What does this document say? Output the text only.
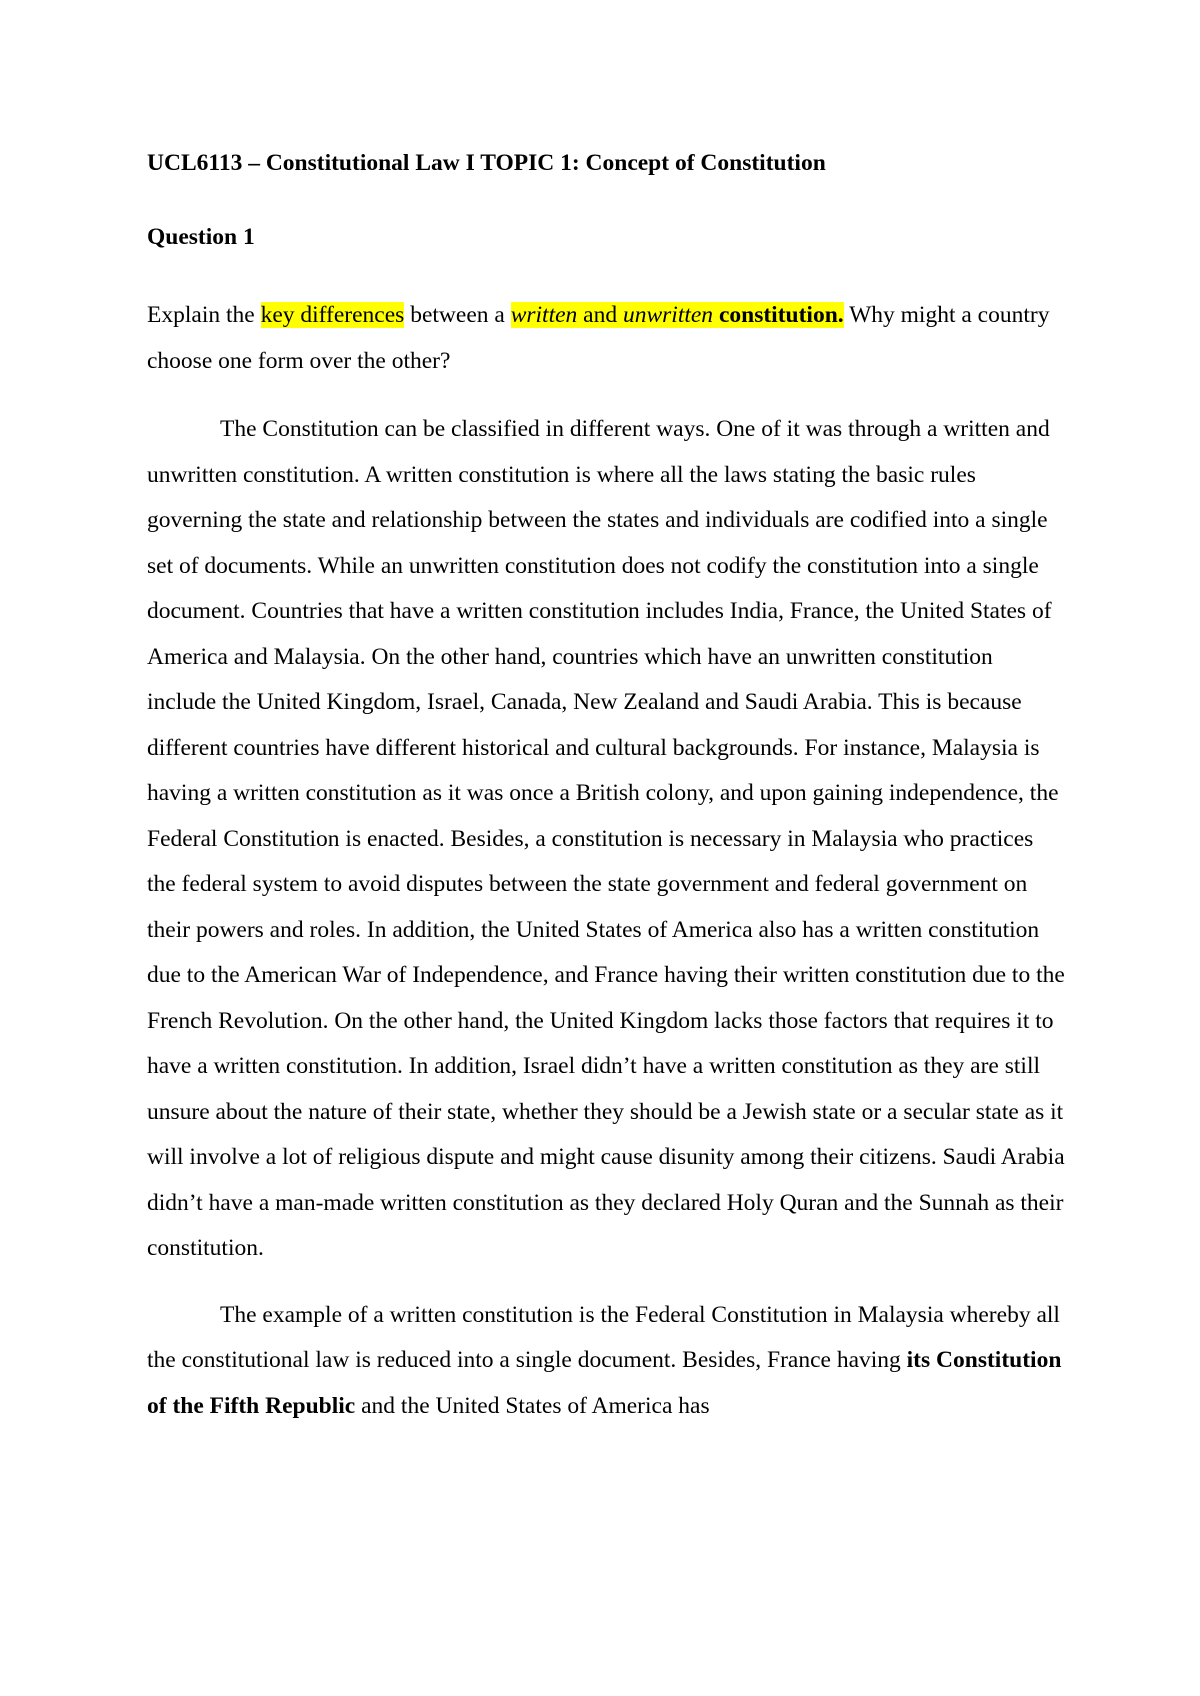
UCL6113 – Constitutional Law I TOPIC 1: Concept of Constitution

Question 1

Explain the key differences between a written and unwritten constitution. Why might a country choose one form over the other?

The Constitution can be classified in different ways. One of it was through a written and unwritten constitution. A written constitution is where all the laws stating the basic rules governing the state and relationship between the states and individuals are codified into a single set of documents. While an unwritten constitution does not codify the constitution into a single document. Countries that have a written constitution includes India, France, the United States of America and Malaysia. On the other hand, countries which have an unwritten constitution include the United Kingdom, Israel, Canada, New Zealand and Saudi Arabia. This is because different countries have different historical and cultural backgrounds. For instance, Malaysia is having a written constitution as it was once a British colony, and upon gaining independence, the Federal Constitution is enacted. Besides, a constitution is necessary in Malaysia who practices the federal system to avoid disputes between the state government and federal government on their powers and roles. In addition, the United States of America also has a written constitution due to the American War of Independence, and France having their written constitution due to the French Revolution. On the other hand, the United Kingdom lacks those factors that requires it to have a written constitution. In addition, Israel didn’t have a written constitution as they are still unsure about the nature of their state, whether they should be a Jewish state or a secular state as it will involve a lot of religious dispute and might cause disunity among their citizens. Saudi Arabia didn’t have a man-made written constitution as they declared Holy Quran and the Sunnah as their constitution.

The example of a written constitution is the Federal Constitution in Malaysia whereby all the constitutional law is reduced into a single document. Besides, France having its Constitution of the Fifth Republic and the United States of America has
